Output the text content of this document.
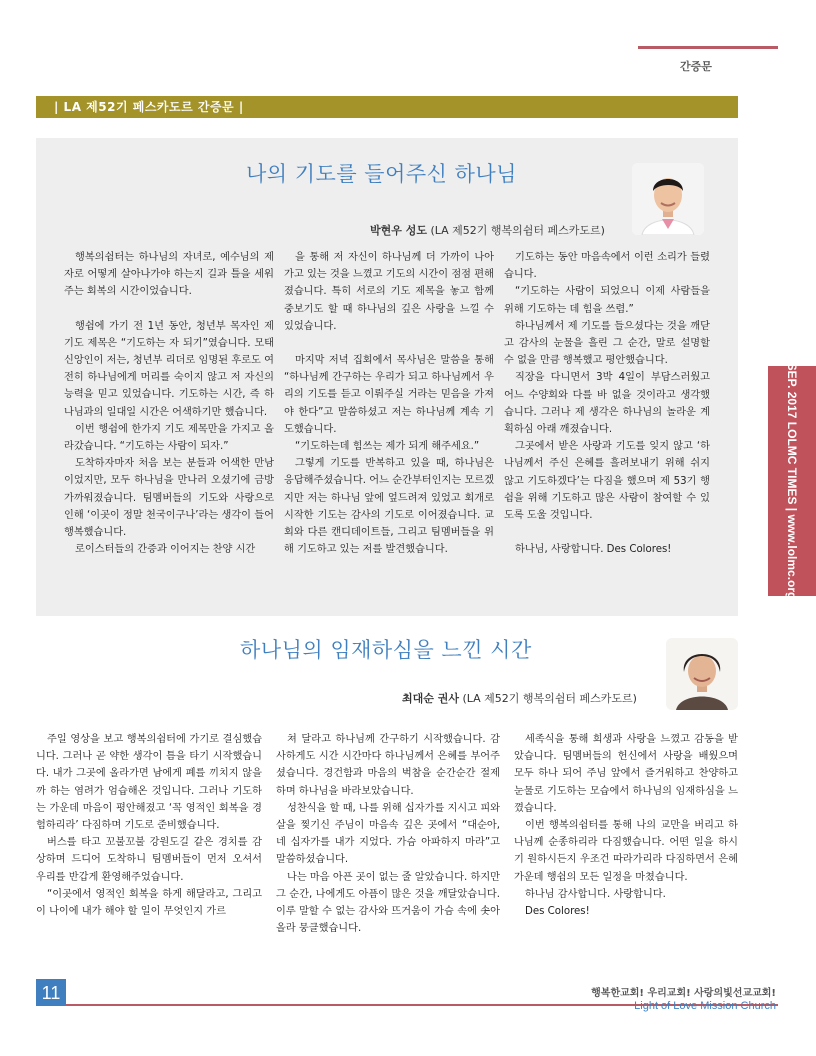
간증문
| LA 제52기 페스카도르 간증문 |
나의 기도를 들어주신 하나님
박현우 성도 (LA 제52기 행복의쉼터 페스카도르)

행복의쉼터는 하나님의 자녀로, 예수님의 제자로 어떻게 살아나가야 하는지 길과 틀을 세워주는 회복의 시간이었습니다.

행쉼에 가기 전 1년 동안, 청년부 목자인 제 기도 제목은 “기도하는 자 되기”였습니다. 모태신앙인이 저는, 청년부 리더로 임명된 후로도 여전히 하나님에게 머리를 숙이지 않고 저 자신의 능력을 믿고 있었습니다. 기도하는 시간, 즉 하나님과의 일대일 시간은 어색하기만 했습니다.

이번 행쉼에 한가지 기도 제목만을 가지고 올라갔습니다. “기도하는 사람이 되자.”

도착하자마자 처음 보는 분들과 어색한 만남이었지만, 모두 하나님을 만나러 오셨기에 금방 가까워졌습니다. 팀멤버들의 기도와 사랑으로 인해 ‘이곳이 정말 천국이구나’라는 생각이 들어 행복했습니다.

로이스터들의 간증과 이어지는 찬양 시간

을 통해 저 자신이 하나님께 더 가까이 나아가고 있는 것을 느꼈고 기도의 시간이 점점 편해졌습니다. 특히 서로의 기도 제목을 놓고 함께 중보기도 할 때 하나님의 깊은 사랑을 느낄 수 있었습니다.

마지막 저녁 집회에서 목사님은 말씀을 통해 “하나님께 간구하는 우리가 되고 하나님께서 우리의 기도를 듣고 이뤄주실 거라는 믿음을 가져야 한다”고 말씀하셨고 저는 하나님께 계속 기도했습니다.

“기도하는데 힘쓰는 제가 되게 해주세요.”

그렇게 기도를 반복하고 있을 때, 하나님은 응답해주셨습니다. 어느 순간부터인지는 모르겠지만 저는 하나님 앞에 엎드려져 있었고 회개로 시작한 기도는 감사의 기도로 이어졌습니다. 교회와 다른 캔디데이트들, 그리고 팀멤버들을 위해 기도하고 있는 저를 발견했습니다.

기도하는 동안 마음속에서 이런 소리가 들렸습니다.

“기도하는 사람이 되었으니 이제 사람들을 위해 기도하는 데 힘을 쓰렴.”

하나님께서 제 기도를 들으셨다는 것을 깨닫고 감사의 눈물을 흘린 그 순간, 말로 설명할 수 없을 만큼 행복했고 평안했습니다.

직장을 다니면서 3박 4일이 부담스러웠고 어느 수양회와 다를 바 없을 것이라고 생각했습니다. 그러나 제 생각은 하나님의 놀라운 계획하심 아래 깨졌습니다.

그곳에서 받은 사랑과 기도를 잊지 않고 ‘하나님께서 주신 은혜를 흘려보내기 위해 쉬지 않고 기도하겠다’는 다짐을 했으며 제 53기 행쉼을 위해 기도하고 많은 사람이 참여할 수 있도록 도울 것입니다.

하나님, 사랑합니다. Des Colores!

하나님의 임재하심을 느낀 시간
최대순 권사 (LA 제52기 행복의쉼터 페스카도르)

주일 영상을 보고 행복의쉼터에 가기로 결심했습니다. 그러나 곧 약한 생각이 틈을 타기 시작했습니다. 내가 그곳에 올라가면 남에게 폐를 끼치지 않을까 하는 염려가 엄습해온 것입니다. 그러나 기도하는 가운데 마음이 평안해졌고 ‘꼭 영적인 회복을 경험하리라’ 다짐하며 기도로 준비했습니다.

버스를 타고 꼬불꼬불 강원도길 같은 경치를 감상하며 드디어 도착하니 팀멤버들이 먼저 오셔서 우리를 반갑게 환영해주었습니다.

“이곳에서 영적인 회복을 하게 해달라고, 그리고 이 나이에 내가 해야 할 일이 무엇인지 가르

쳐 달라고 하나님께 간구하기 시작했습니다. 감사하게도 시간 시간마다 하나님께서 은혜를 부어주셨습니다. 경건함과 마음의 벅참을 순간순간 절제하며 하나님을 바라보았습니다.

성찬식을 할 때, 나를 위해 십자가를 지시고 피와 살을 찢기신 주님이 마음속 깊은 곳에서 “대순아, 네 십자가를 내가 지었다. 가슴 아파하지 마라”고 말씀하셨습니다.

나는 마음 아픈 곳이 없는 줄 알았습니다. 하지만 그 순간, 나에게도 아픔이 많은 것을 깨달았습니다. 이루 말할 수 없는 감사와 뜨거움이 가슴 속에 솟아올라 뭉클했습니다.

세족식을 통해 희생과 사랑을 느꼈고 감동을 받았습니다. 팀멤버들의 헌신에서 사랑을 배웠으며 모두 하나 되어 주님 앞에서 즐거워하고 찬양하고 눈물로 기도하는 모습에서 하나님의 임재하심을 느꼈습니다.

이번 행복의쉼터를 통해 나의 교만을 버리고 하나님께 순종하리라 다짐했습니다. 어떤 일을 하시기 원하시든지 우조건 따라가리라 다짐하면서 은혜 가운데 행쉼의 모든 일정을 마쳤습니다.

하나님 감사합니다. 사랑합니다.

Des Colores!

SEP. 2017 LOLMC TIMES | www.lolmc.org
11	행복한교회! 우리교회! 사랑의빛선교교회!
Light of Love Mission Church
